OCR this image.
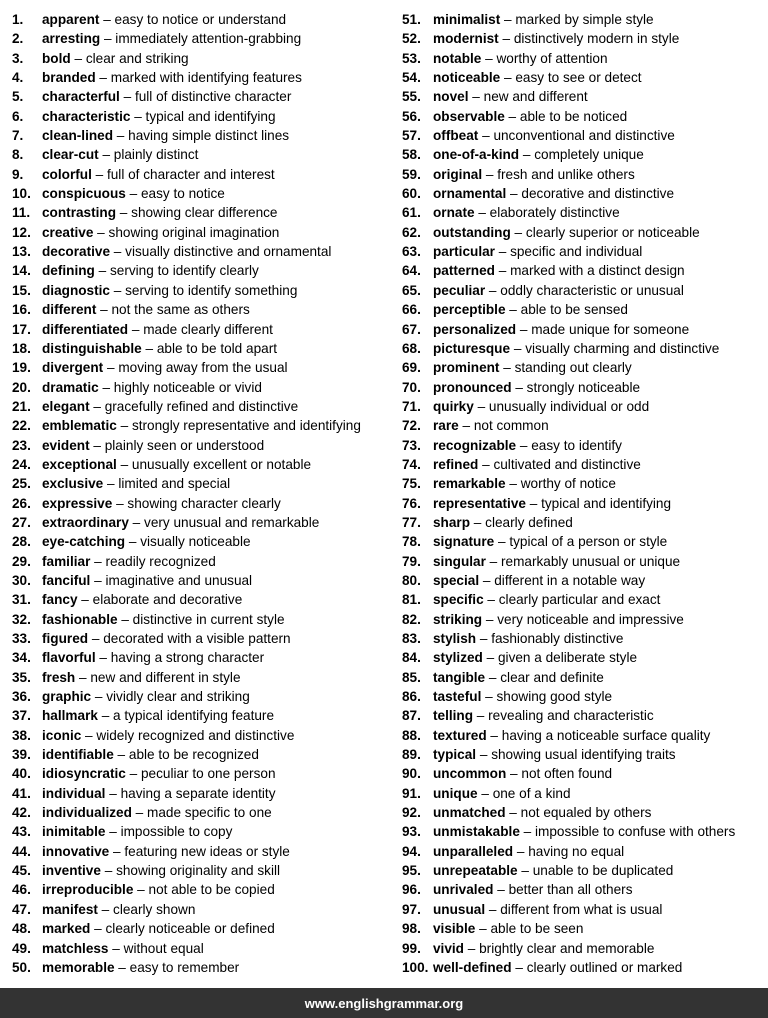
1.	apparent – easy to notice or understand
2.	arresting – immediately attention-grabbing
3.	bold – clear and striking
4.	branded – marked with identifying features
5.	characterful – full of distinctive character
6.	characteristic – typical and identifying
7.	clean-lined – having simple distinct lines
8.	clear-cut – plainly distinct
9.	colorful – full of character and interest
10. conspicuous – easy to notice
11. contrasting – showing clear difference
12. creative – showing original imagination
13. decorative – visually distinctive and ornamental
14. defining – serving to identify clearly
15. diagnostic – serving to identify something
16. different – not the same as others
17. differentiated – made clearly different
18. distinguishable – able to be told apart
19. divergent – moving away from the usual
20. dramatic – highly noticeable or vivid
21. elegant – gracefully refined and distinctive
22. emblematic – strongly representative and identifying
23. evident – plainly seen or understood
24. exceptional – unusually excellent or notable
25. exclusive – limited and special
26. expressive – showing character clearly
27. extraordinary – very unusual and remarkable
28. eye-catching – visually noticeable
29. familiar – readily recognized
30. fanciful – imaginative and unusual
31. fancy – elaborate and decorative
32. fashionable – distinctive in current style
33. figured – decorated with a visible pattern
34. flavorful – having a strong character
35. fresh – new and different in style
36. graphic – vividly clear and striking
37. hallmark – a typical identifying feature
38. iconic – widely recognized and distinctive
39. identifiable – able to be recognized
40. idiosyncratic – peculiar to one person
41. individual – having a separate identity
42. individualized – made specific to one
43. inimitable – impossible to copy
44. innovative – featuring new ideas or style
45. inventive – showing originality and skill
46. irreproducible – not able to be copied
47. manifest – clearly shown
48. marked – clearly noticeable or defined
49. matchless – without equal
50. memorable – easy to remember
51. minimalist – marked by simple style
52. modernist – distinctively modern in style
53. notable – worthy of attention
54. noticeable – easy to see or detect
55. novel – new and different
56. observable – able to be noticed
57. offbeat – unconventional and distinctive
58. one-of-a-kind – completely unique
59. original – fresh and unlike others
60. ornamental – decorative and distinctive
61. ornate – elaborately distinctive
62. outstanding – clearly superior or noticeable
63. particular – specific and individual
64. patterned – marked with a distinct design
65. peculiar – oddly characteristic or unusual
66. perceptible – able to be sensed
67. personalized – made unique for someone
68. picturesque – visually charming and distinctive
69. prominent – standing out clearly
70. pronounced – strongly noticeable
71. quirky – unusually individual or odd
72. rare – not common
73. recognizable – easy to identify
74. refined – cultivated and distinctive
75. remarkable – worthy of notice
76. representative – typical and identifying
77. sharp – clearly defined
78. signature – typical of a person or style
79. singular – remarkably unusual or unique
80. special – different in a notable way
81. specific – clearly particular and exact
82. striking – very noticeable and impressive
83. stylish – fashionably distinctive
84. stylized – given a deliberate style
85. tangible – clear and definite
86. tasteful – showing good style
87. telling – revealing and characteristic
88. textured – having a noticeable surface quality
89. typical – showing usual identifying traits
90. uncommon – not often found
91. unique – one of a kind
92. unmatched – not equaled by others
93. unmistakable – impossible to confuse with others
94. unparalleled – having no equal
95. unrepeatable – unable to be duplicated
96. unrivaled – better than all others
97. unusual – different from what is usual
98. visible – able to be seen
99. vivid – brightly clear and memorable
100. well-defined – clearly outlined or marked
www.englishgrammar.org
